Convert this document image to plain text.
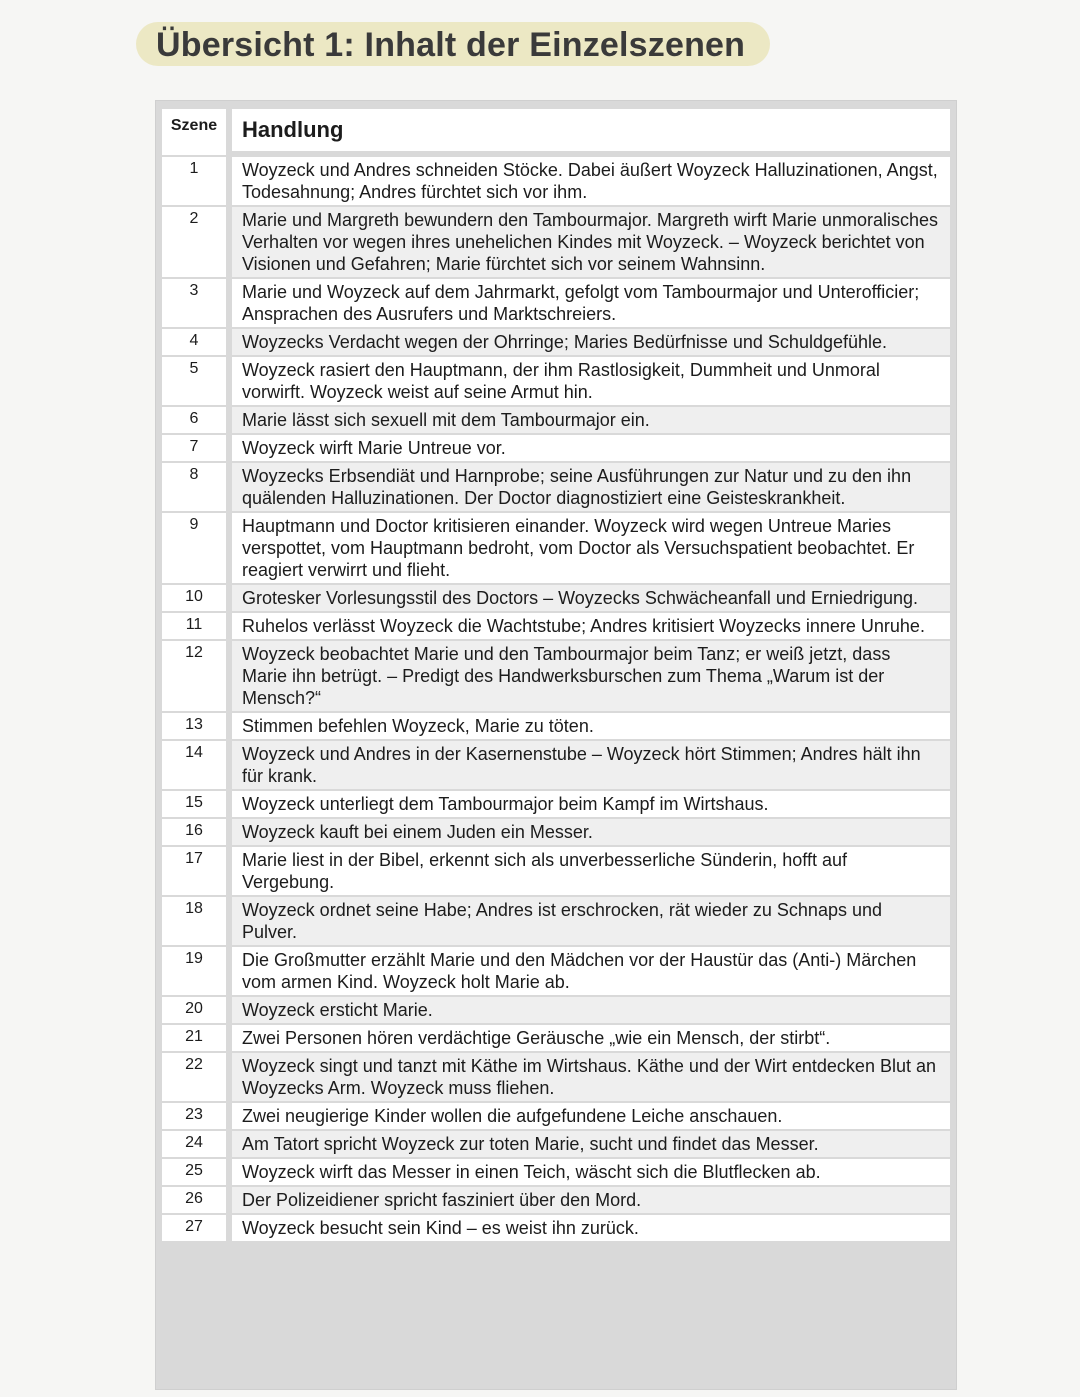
Übersicht 1: Inhalt der Einzelszenen
Szene	Handlung
1	Woyzeck und Andres schneiden Stöcke. Dabei äußert Woyzeck Halluzinationen, Angst, Todesahnung; Andres fürchtet sich vor ihm.
2	Marie und Margreth bewundern den Tambourmajor. Margreth wirft Marie unmoralisches Verhalten vor wegen ihres unehelichen Kindes mit Woyzeck. – Woyzeck berichtet von Visionen und Gefahren; Marie fürchtet sich vor seinem Wahnsinn.
3	Marie und Woyzeck auf dem Jahrmarkt, gefolgt vom Tambourmajor und Unterofficier; Ansprachen des Ausrufers und Marktschreiers.
4	Woyzecks Verdacht wegen der Ohrringe; Maries Bedürfnisse und Schuldgefühle.
5	Woyzeck rasiert den Hauptmann, der ihm Rastlosigkeit, Dummheit und Unmoral vorwirft. Woyzeck weist auf seine Armut hin.
6	Marie lässt sich sexuell mit dem Tambourmajor ein.
7	Woyzeck wirft Marie Untreue vor.
8	Woyzecks Erbsendiät und Harnprobe; seine Ausführungen zur Natur und zu den ihn quälenden Halluzinationen. Der Doctor diagnostiziert eine Geisteskrankheit.
9	Hauptmann und Doctor kritisieren einander. Woyzeck wird wegen Untreue Maries verspottet, vom Hauptmann bedroht, vom Doctor als Versuchspatient beobachtet. Er reagiert verwirrt und flieht.
10	Grotesker Vorlesungsstil des Doctors – Woyzecks Schwächeanfall und Erniedrigung.
11	Ruhelos verlässt Woyzeck die Wachtstube; Andres kritisiert Woyzecks innere Unruhe.
12	Woyzeck beobachtet Marie und den Tambourmajor beim Tanz; er weiß jetzt, dass Marie ihn betrügt. – Predigt des Handwerksburschen zum Thema „Warum ist der Mensch?“
13	Stimmen befehlen Woyzeck, Marie zu töten.
14	Woyzeck und Andres in der Kasernenstube – Woyzeck hört Stimmen; Andres hält ihn für krank.
15	Woyzeck unterliegt dem Tambourmajor beim Kampf im Wirtshaus.
16	Woyzeck kauft bei einem Juden ein Messer.
17	Marie liest in der Bibel, erkennt sich als unverbesserliche Sünderin, hofft auf Vergebung.
18	Woyzeck ordnet seine Habe; Andres ist erschrocken, rät wieder zu Schnaps und Pulver.
19	Die Großmutter erzählt Marie und den Mädchen vor der Haustür das (Anti-) Märchen vom armen Kind. Woyzeck holt Marie ab.
20	Woyzeck ersticht Marie.
21	Zwei Personen hören verdächtige Geräusche „wie ein Mensch, der stirbt“.
22	Woyzeck singt und tanzt mit Käthe im Wirtshaus. Käthe und der Wirt entdecken Blut an Woyzecks Arm. Woyzeck muss fliehen.
23	Zwei neugierige Kinder wollen die aufgefundene Leiche anschauen.
24	Am Tatort spricht Woyzeck zur toten Marie, sucht und findet das Messer.
25	Woyzeck wirft das Messer in einen Teich, wäscht sich die Blutflecken ab.
26	Der Polizeidiener spricht fasziniert über den Mord.
27	Woyzeck besucht sein Kind – es weist ihn zurück.
